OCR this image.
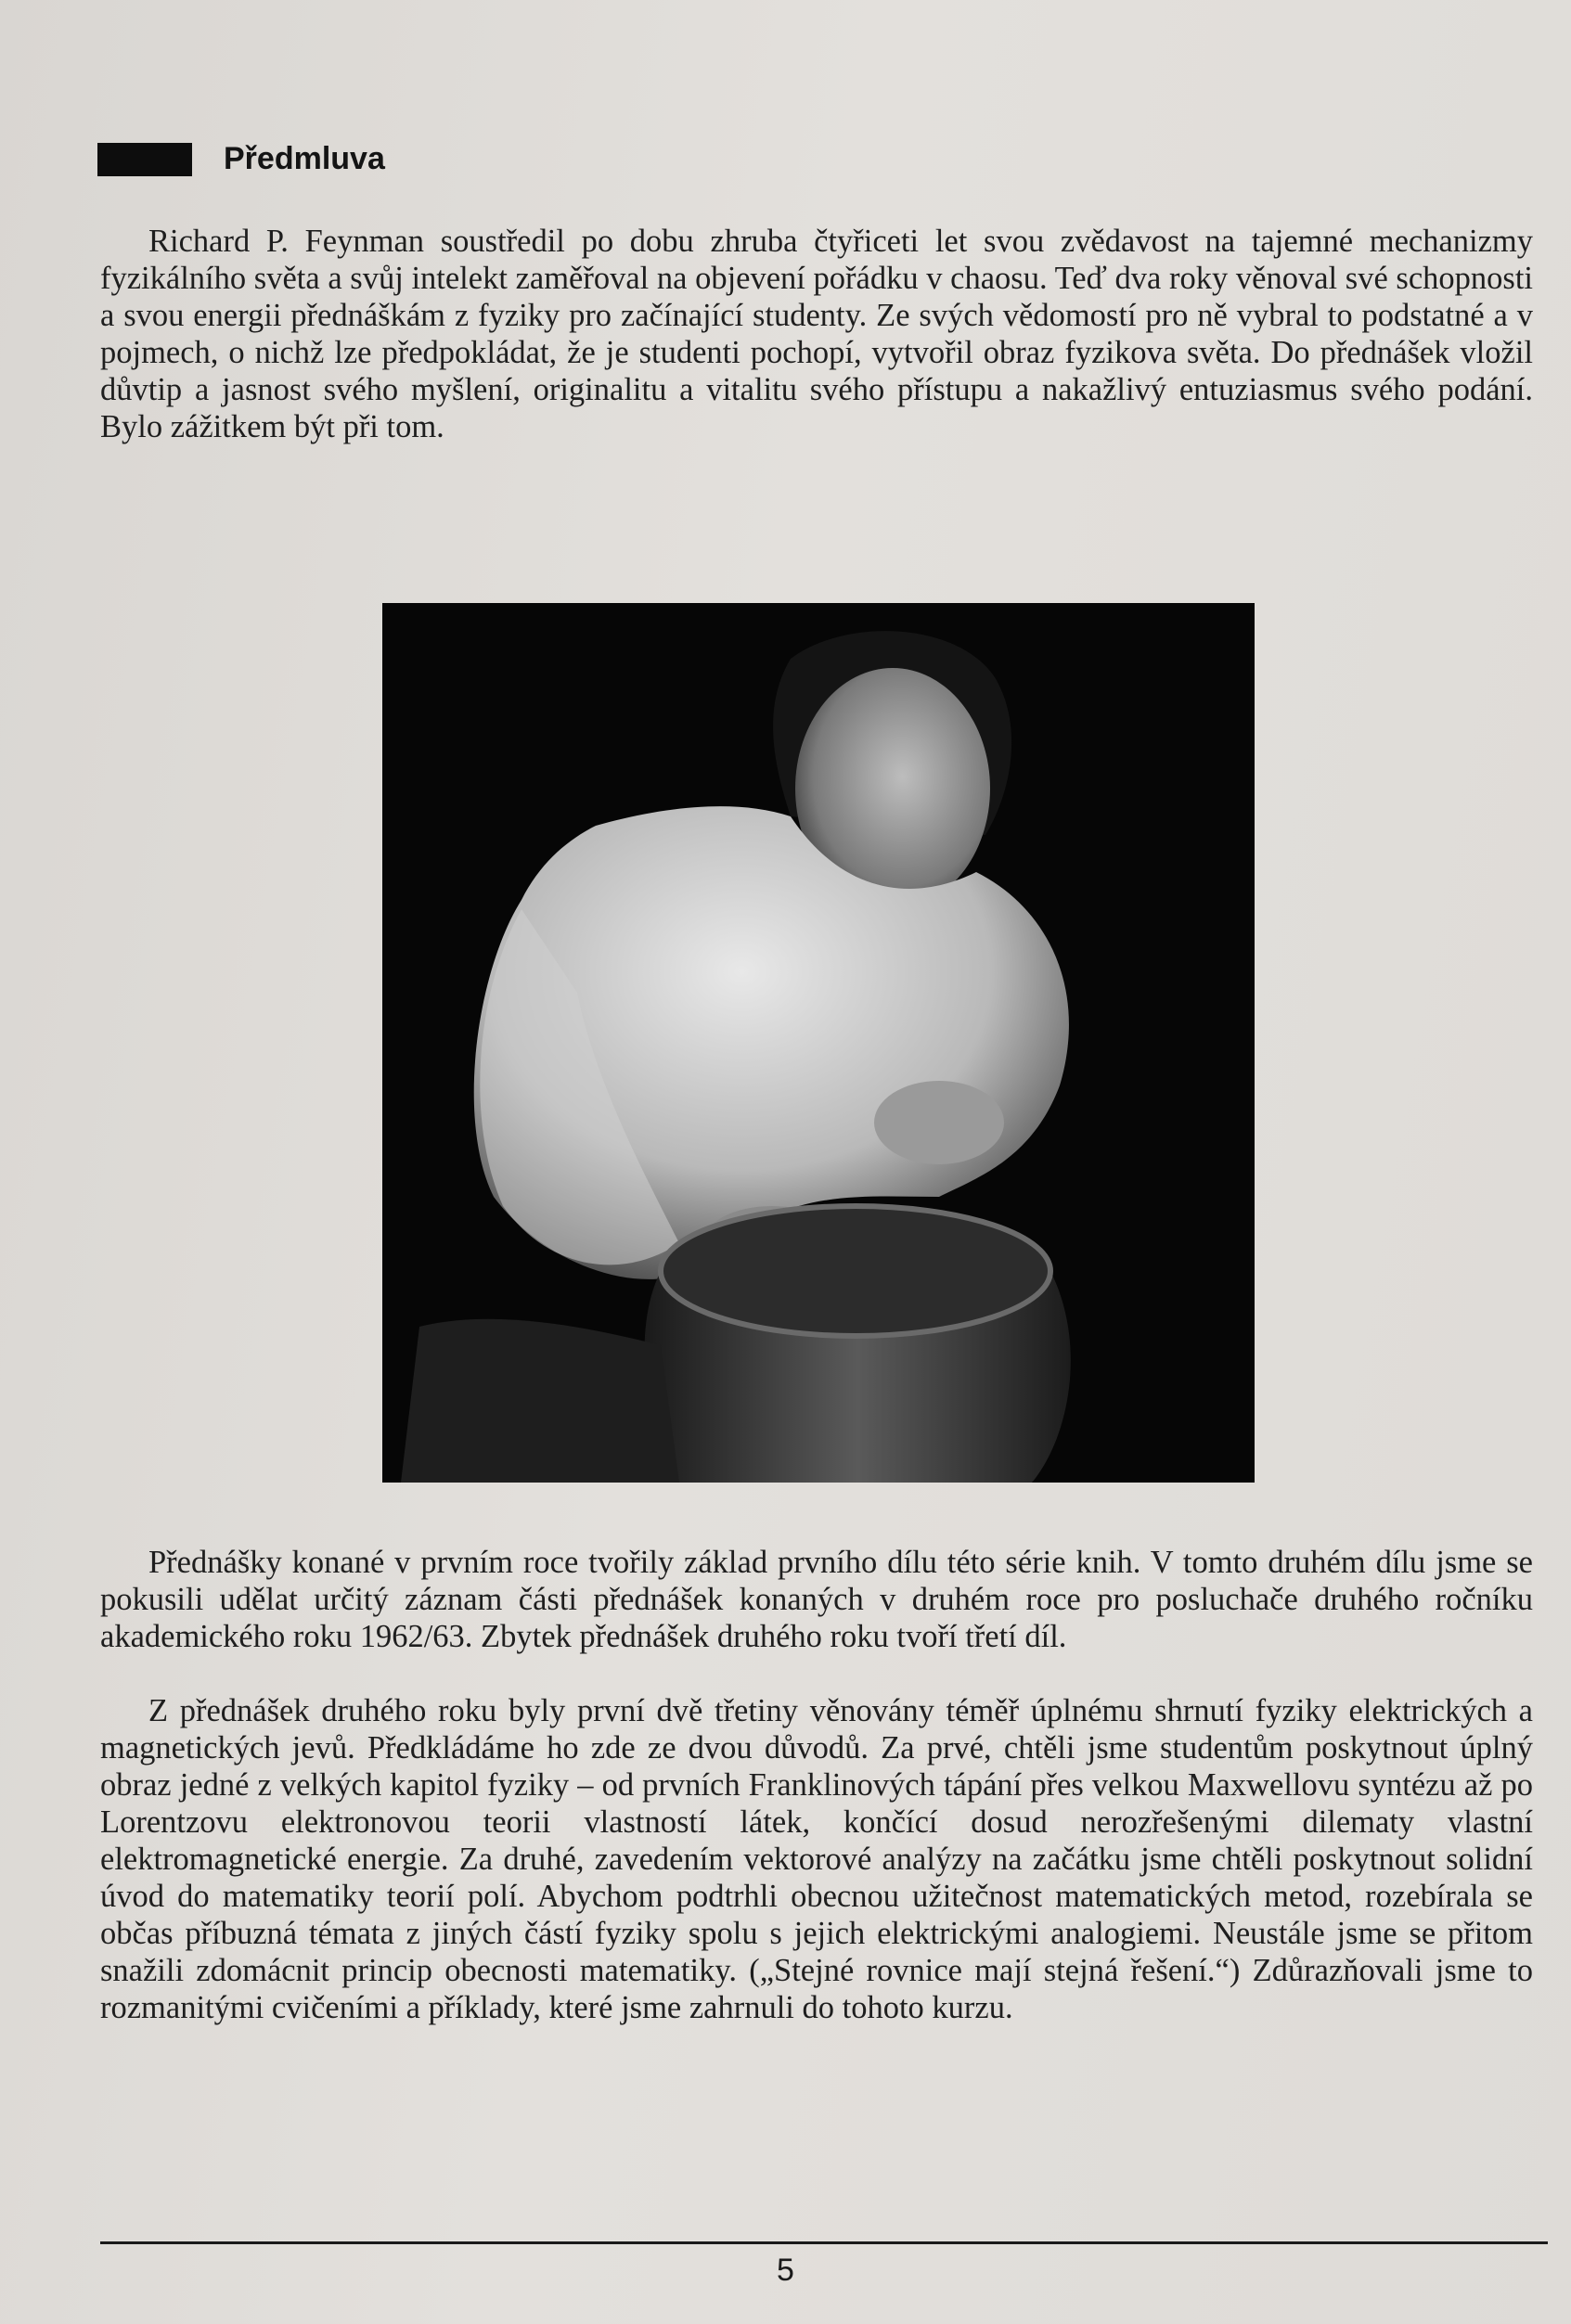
Předmluva

Richard P. Feynman soustředil po dobu zhruba čtyřiceti let svou zvědavost na tajemné mechanizmy fyzikálního světa a svůj intelekt zaměřoval na objevení pořádku v chaosu. Teď dva roky věnoval své schopnosti a svou energii přednáškám z fyziky pro začínající studenty. Ze svých vědomostí pro ně vybral to podstatné a v pojmech, o nichž lze předpokládat, že je studenti pochopí, vytvořil obraz fyzikova světa. Do přednášek vložil důvtip a jasnost svého myšlení, originalitu a vitalitu svého přístupu a nakažlivý entuziasmus svého podání. Bylo zážitkem být při tom.

Přednášky konané v prvním roce tvořily základ prvního dílu této série knih. V tomto druhém dílu jsme se pokusili udělat určitý záznam části přednášek konaných v druhém roce pro posluchače druhého ročníku akademického roku 1962/63. Zbytek přednášek druhého roku tvoří třetí díl.

Z přednášek druhého roku byly první dvě třetiny věnovány téměř úplnému shrnutí fyziky elektrických a magnetických jevů. Předkládáme ho zde ze dvou důvodů. Za prvé, chtěli jsme studentům poskytnout úplný obraz jedné z velkých kapitol fyziky – od prvních Franklinových tápání přes velkou Maxwellovu syntézu až po Lorentzovu elektronovou teorii vlastností látek, končící dosud nerozřešenými dilematy vlastní elektromagnetické energie. Za druhé, zavedením vektorové analýzy na začátku jsme chtěli poskytnout solidní úvod do matematiky teorií polí. Abychom podtrhli obecnou užitečnost matematických metod, rozebírala se občas příbuzná témata z jiných částí fyziky spolu s jejich elektrickými analogiemi. Neustále jsme se přitom snažili zdomácnit princip obecnosti matematiky. („Stejné rovnice mají stejná řešení.“) Zdůrazňovali jsme to rozmanitými cvičeními a příklady, které jsme zahrnuli do tohoto kurzu.

5
